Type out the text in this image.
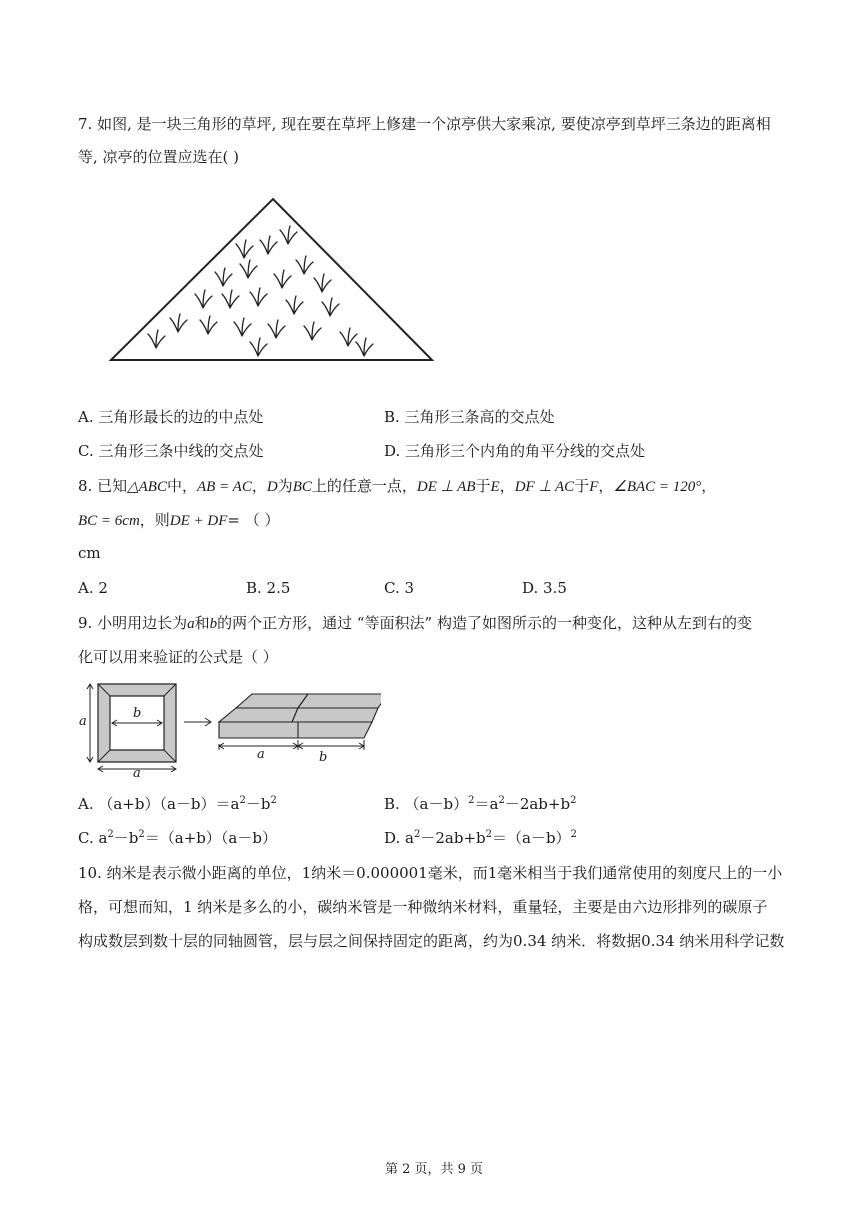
7. 如图, 是一块三角形的草坪, 现在要在草坪上修建一个凉亭供大家乘凉, 要使凉亭到草坪三条边的距离相
等, 凉亭的位置应选在( )
A. 三角形最长的边的中点处	B. 三角形三条高的交点处
C. 三角形三条中线的交点处	D. 三角形三个内角的角平分线的交点处
8. 已知△ABC中，AB = AC，D为BC上的任意一点，DE ⊥ AB于E，DF ⊥ AC于F，∠BAC = 120°，
BC = 6cm，则DE + DF= （ ）
cm
A. 2	B. 2.5	C. 3	D. 3.5
9. 小明用边长为a和b的两个正方形，通过 “等面积法” 构造了如图所示的一种变化，这种从左到右的变
化可以用来验证的公式是（ ）
a
b
a
a	b
A. $(a+b)(a-b)=a^2-b^2$	B. $(a-b)^2=a^2-2ab+b^2$
C. $a^2-b^2=(a+b)(a-b)$	D. $a^2-2ab+b^2=(a-b)^2$
10. 纳米是表示微小距离的单位，1纳米＝0.000001毫米，而1毫米相当于我们通常使用的刻度尺上的一小
格，可想而知，1 纳米是多么的小，碳纳米管是一种微纳米材料，重量轻，主要是由六边形排列的碳原子
构成数层到数十层的同轴圆管，层与层之间保持固定的距离，约为0.34 纳米．将数据0.34 纳米用科学记数
第 2 页，共 9 页
